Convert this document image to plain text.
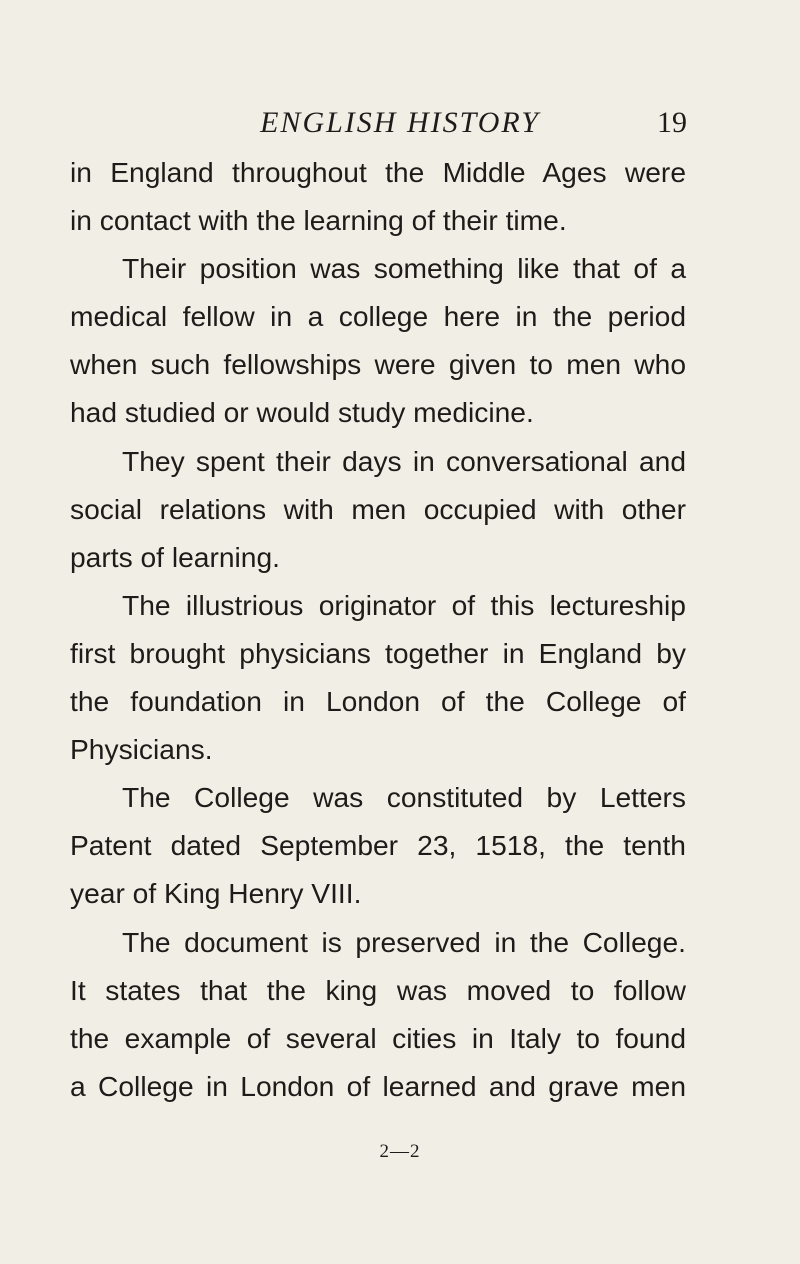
ENGLISH HISTORY	19
in England throughout the Middle Ages were
in contact with the learning of their time.
Their position was something like that of a
medical fellow in a college here in the period
when such fellowships were given to men who
had studied or would study medicine.
They spent their days in conversational and
social relations with men occupied with other
parts of learning.
The illustrious originator of this lectureship
first brought physicians together in England by
the foundation in London of the College of
Physicians.
The College was constituted by Letters
Patent dated September 23, 1518, the tenth
year of King Henry VIII.
The document is preserved in the College.
It states that the king was moved to follow
the example of several cities in Italy to found
a College in London of learned and grave men
2—2
